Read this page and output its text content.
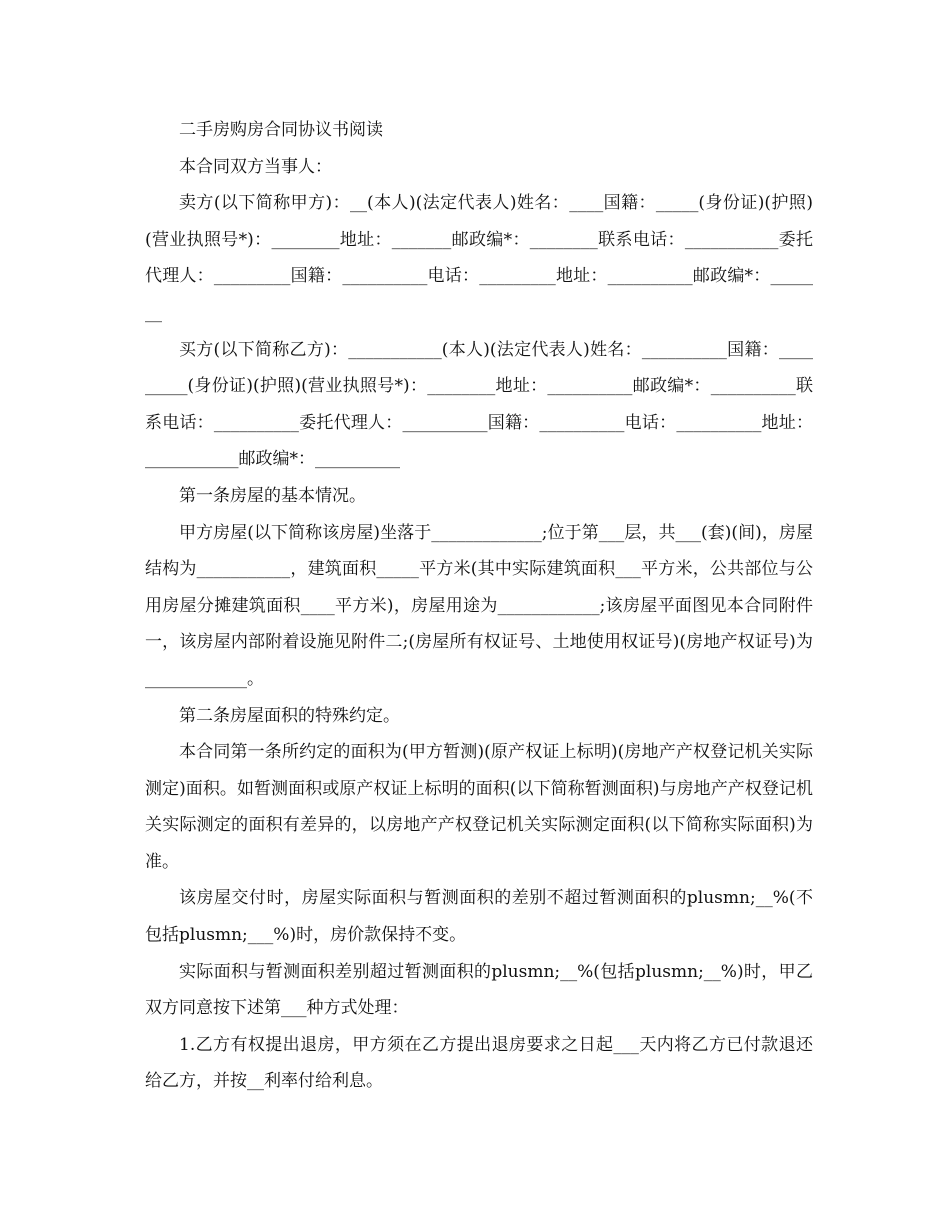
二手房购房合同协议书阅读

本合同双方当事人：

卖方(以下简称甲方)：__(本人)(法定代表人)姓名：____国籍：_____(身份证)(护照)(营业执照号*)：________地址：_______邮政编*：________联系电话：___________委托代理人：_________国籍：__________电话：_________地址：__________邮政编*：_______

买方(以下简称乙方)：___________(本人)(法定代表人)姓名：__________国籍：_________(身份证)(护照)(营业执照号*)：________地址：__________邮政编*：__________联系电话：__________委托代理人：__________国籍：__________电话：__________地址：___________邮政编*：__________

第一条房屋的基本情况。

甲方房屋(以下简称该房屋)坐落于_____________;位于第___层，共___(套)(间)，房屋结构为___________，建筑面积_____平方米(其中实际建筑面积___平方米，公共部位与公用房屋分摊建筑面积____平方米)，房屋用途为____________;该房屋平面图见本合同附件一，该房屋内部附着设施见附件二;(房屋所有权证号、土地使用权证号)(房地产权证号)为____________。

第二条房屋面积的特殊约定。

本合同第一条所约定的面积为(甲方暂测)(原产权证上标明)(房地产产权登记机关实际测定)面积。如暂测面积或原产权证上标明的面积(以下简称暂测面积)与房地产产权登记机关实际测定的面积有差异的，以房地产产权登记机关实际测定面积(以下简称实际面积)为准。

该房屋交付时，房屋实际面积与暂测面积的差别不超过暂测面积的plusmn;__%(不包括plusmn;___%)时，房价款保持不变。

实际面积与暂测面积差别超过暂测面积的plusmn;__%(包括plusmn;__%)时，甲乙双方同意按下述第___种方式处理：

1.乙方有权提出退房，甲方须在乙方提出退房要求之日起___天内将乙方已付款退还给乙方，并按__利率付给利息。
